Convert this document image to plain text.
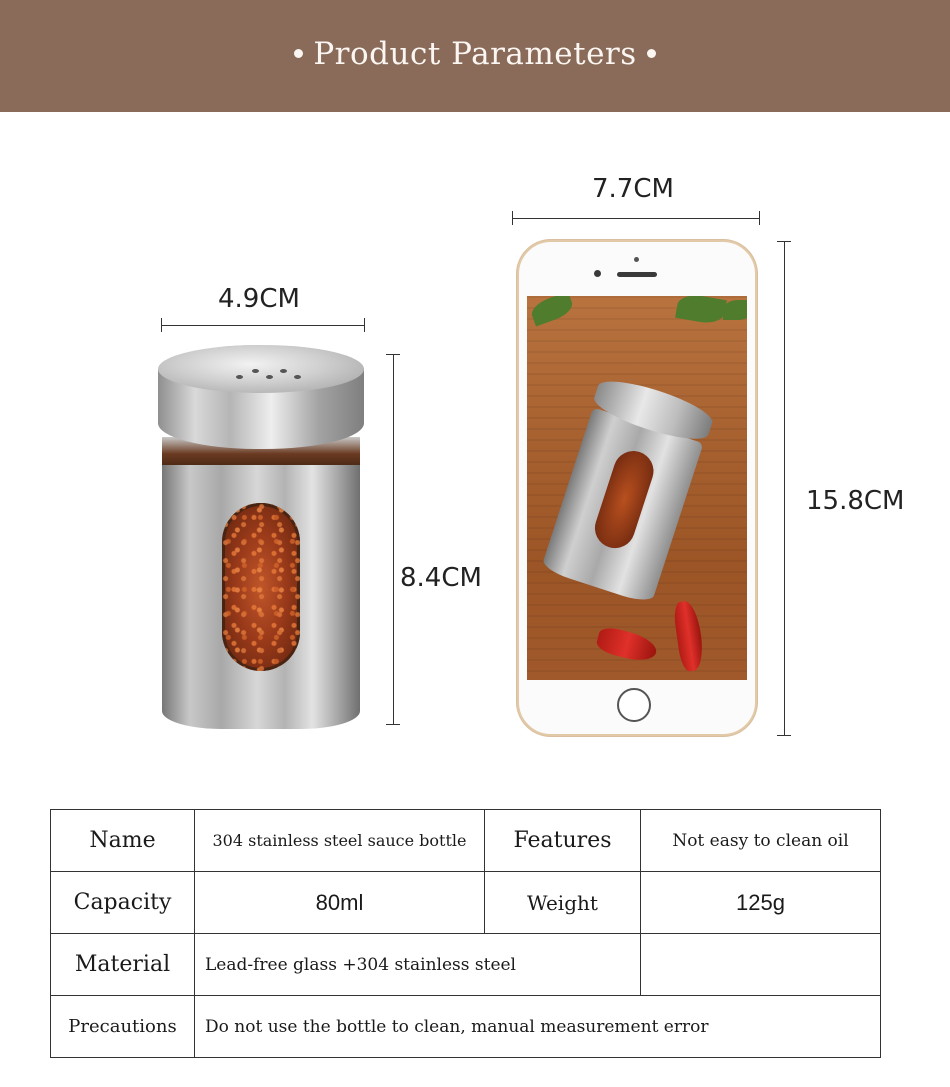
Product Parameters
4.9CM
8.4CM
7.7CM
15.8CM
Name	304 stainless steel sauce bottle	Features	Not easy to clean oil
Capacity	80ml	Weight	125g
Material	Lead-free glass +304 stainless steel		
Precautions	Do not use the bottle to clean, manual measurement error		
